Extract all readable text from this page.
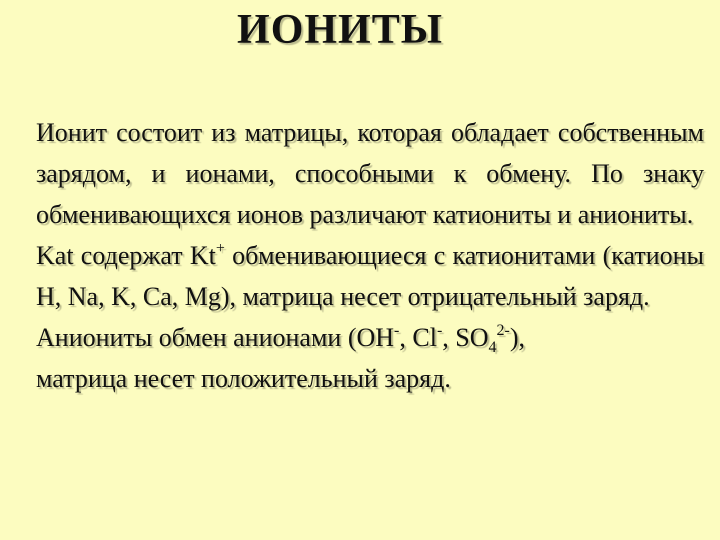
ИОНИТЫ

Ионит состоит из матрицы, которая обладает собственным зарядом, и ионами, способными к обмену. По знаку обменивающихся ионов различают катиониты и аниониты.

Kat содержат Kt+ обменивающиеся с катионитами (катионы H, Na, K, Ca, Mg), матрица несет отрицательный заряд.

Аниониты обмен анионами (OH-, Cl-, $SO_4^{2-}$),
матрица несет положительный заряд.
